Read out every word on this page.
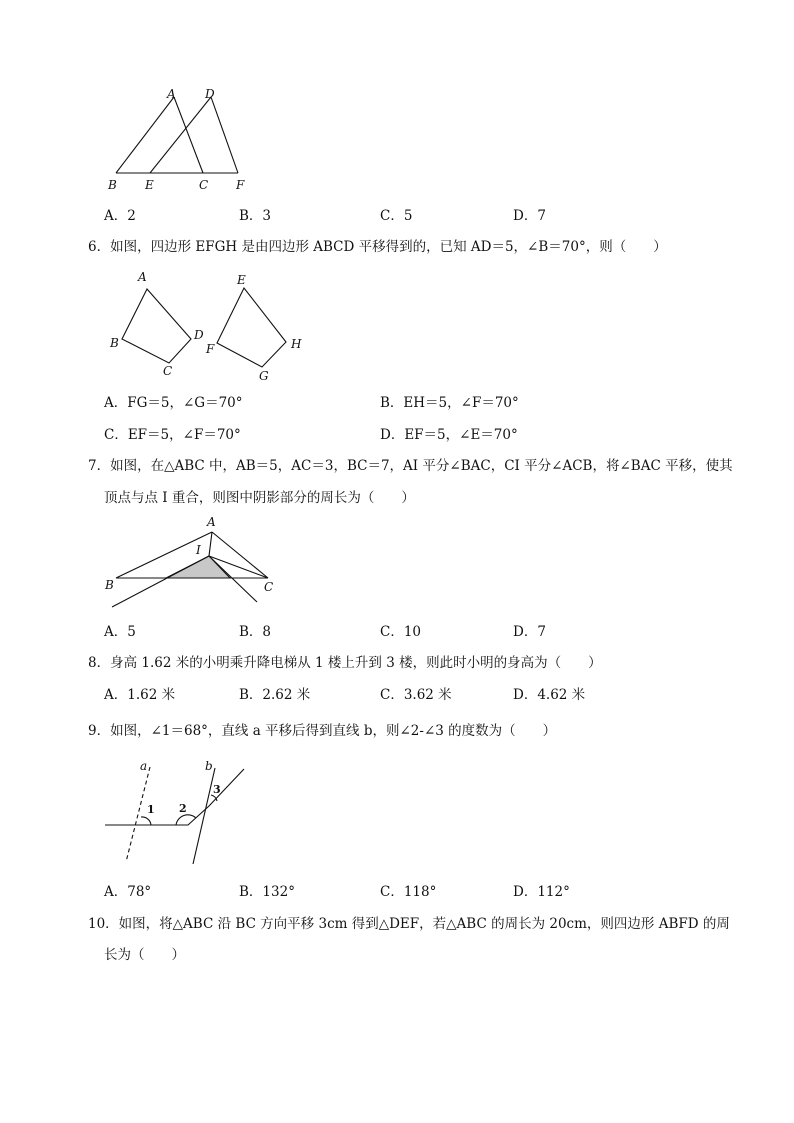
A D
B E	C F
A．2	B．3	C．5	D．7
6．如图，四边形 EFGH 是由四边形 ABCD 平移得到的，已知 AD＝5，∠B＝70°，则（　　）
A
B
C
D
E
F
G
H
A．FG＝5，∠G＝70°	B．EH＝5，∠F＝70°
C．EF＝5，∠F＝70°	D．EF＝5，∠E＝70°
7．如图，在△ABC 中，AB＝5，AC＝3，BC＝7，AI 平分∠BAC，CI 平分∠ACB，将∠BAC 平移，使其
顶点与点 I 重合，则图中阴影部分的周长为（　　）
A
I
B	C
A．5	B．8	C．10	D．7
8．身高 1.62 米的小明乘升降电梯从 1 楼上升到 3 楼，则此时小明的身高为（　　）
A．1.62 米	B．2.62 米	C．3.62 米	D．4.62 米
9．如图，∠1＝68°，直线 a 平移后得到直线 b，则∠2-∠3 的度数为（　　）
a	b
1 2
3
A．78°	B．132°	C．118°	D．112°
10．如图，将△ABC 沿 BC 方向平移 3cm 得到△DEF，若△ABC 的周长为 20cm，则四边形 ABFD 的周
长为（　　）
